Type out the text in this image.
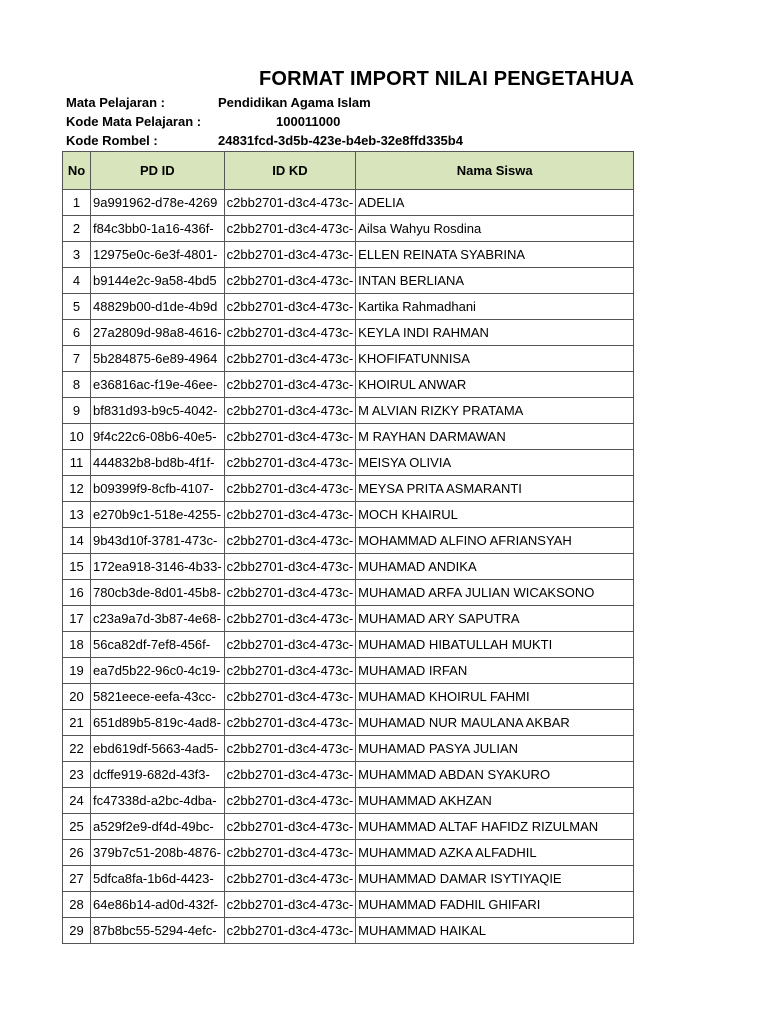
FORMAT IMPORT NILAI PENGETAHUA
Mata Pelajaran :	Pendidikan Agama Islam
Kode Mata Pelajaran :	100011000
Kode Rombel :	24831fcd-3d5b-423e-b4eb-32e8ffd335b4
No	PD ID	ID KD	Nama Siswa
1	9a991962-d78e-4269	c2bb2701-d3c4-473c-	ADELIA
2	f84c3bb0-1a16-436f-	c2bb2701-d3c4-473c-	Ailsa Wahyu Rosdina
3	12975e0c-6e3f-4801-	c2bb2701-d3c4-473c-	ELLEN REINATA SYABRINA
4	b9144e2c-9a58-4bd5	c2bb2701-d3c4-473c-	INTAN BERLIANA
5	48829b00-d1de-4b9d	c2bb2701-d3c4-473c-	Kartika Rahmadhani
6	27a2809d-98a8-4616-	c2bb2701-d3c4-473c-	KEYLA INDI RAHMAN
7	5b284875-6e89-4964	c2bb2701-d3c4-473c-	KHOFIFATUNNISA
8	e36816ac-f19e-46ee-	c2bb2701-d3c4-473c-	KHOIRUL ANWAR
9	bf831d93-b9c5-4042-	c2bb2701-d3c4-473c-	M ALVIAN RIZKY PRATAMA
10	9f4c22c6-08b6-40e5-	c2bb2701-d3c4-473c-	M RAYHAN DARMAWAN
11	444832b8-bd8b-4f1f-	c2bb2701-d3c4-473c-	MEISYA OLIVIA
12	b09399f9-8cfb-4107-	c2bb2701-d3c4-473c-	MEYSA PRITA ASMARANTI
13	e270b9c1-518e-4255-	c2bb2701-d3c4-473c-	MOCH KHAIRUL
14	9b43d10f-3781-473c-	c2bb2701-d3c4-473c-	MOHAMMAD ALFINO AFRIANSYAH
15	172ea918-3146-4b33-	c2bb2701-d3c4-473c-	MUHAMAD ANDIKA
16	780cb3de-8d01-45b8-	c2bb2701-d3c4-473c-	MUHAMAD ARFA JULIAN WICAKSONO
17	c23a9a7d-3b87-4e68-	c2bb2701-d3c4-473c-	MUHAMAD ARY SAPUTRA
18	56ca82df-7ef8-456f-	c2bb2701-d3c4-473c-	MUHAMAD HIBATULLAH MUKTI
19	ea7d5b22-96c0-4c19-	c2bb2701-d3c4-473c-	MUHAMAD IRFAN
20	5821eece-eefa-43cc-	c2bb2701-d3c4-473c-	MUHAMAD KHOIRUL FAHMI
21	651d89b5-819c-4ad8-	c2bb2701-d3c4-473c-	MUHAMAD NUR MAULANA AKBAR
22	ebd619df-5663-4ad5-	c2bb2701-d3c4-473c-	MUHAMAD PASYA JULIAN
23	dcffe919-682d-43f3-	c2bb2701-d3c4-473c-	MUHAMMAD ABDAN SYAKURO
24	fc47338d-a2bc-4dba-	c2bb2701-d3c4-473c-	MUHAMMAD AKHZAN
25	a529f2e9-df4d-49bc-	c2bb2701-d3c4-473c-	MUHAMMAD ALTAF HAFIDZ RIZULMAN
26	379b7c51-208b-4876-	c2bb2701-d3c4-473c-	MUHAMMAD AZKA ALFADHIL
27	5dfca8fa-1b6d-4423-	c2bb2701-d3c4-473c-	MUHAMMAD DAMAR ISYTIYAQIE
28	64e86b14-ad0d-432f-	c2bb2701-d3c4-473c-	MUHAMMAD FADHIL GHIFARI
29	87b8bc55-5294-4efc-	c2bb2701-d3c4-473c-	MUHAMMAD HAIKAL
